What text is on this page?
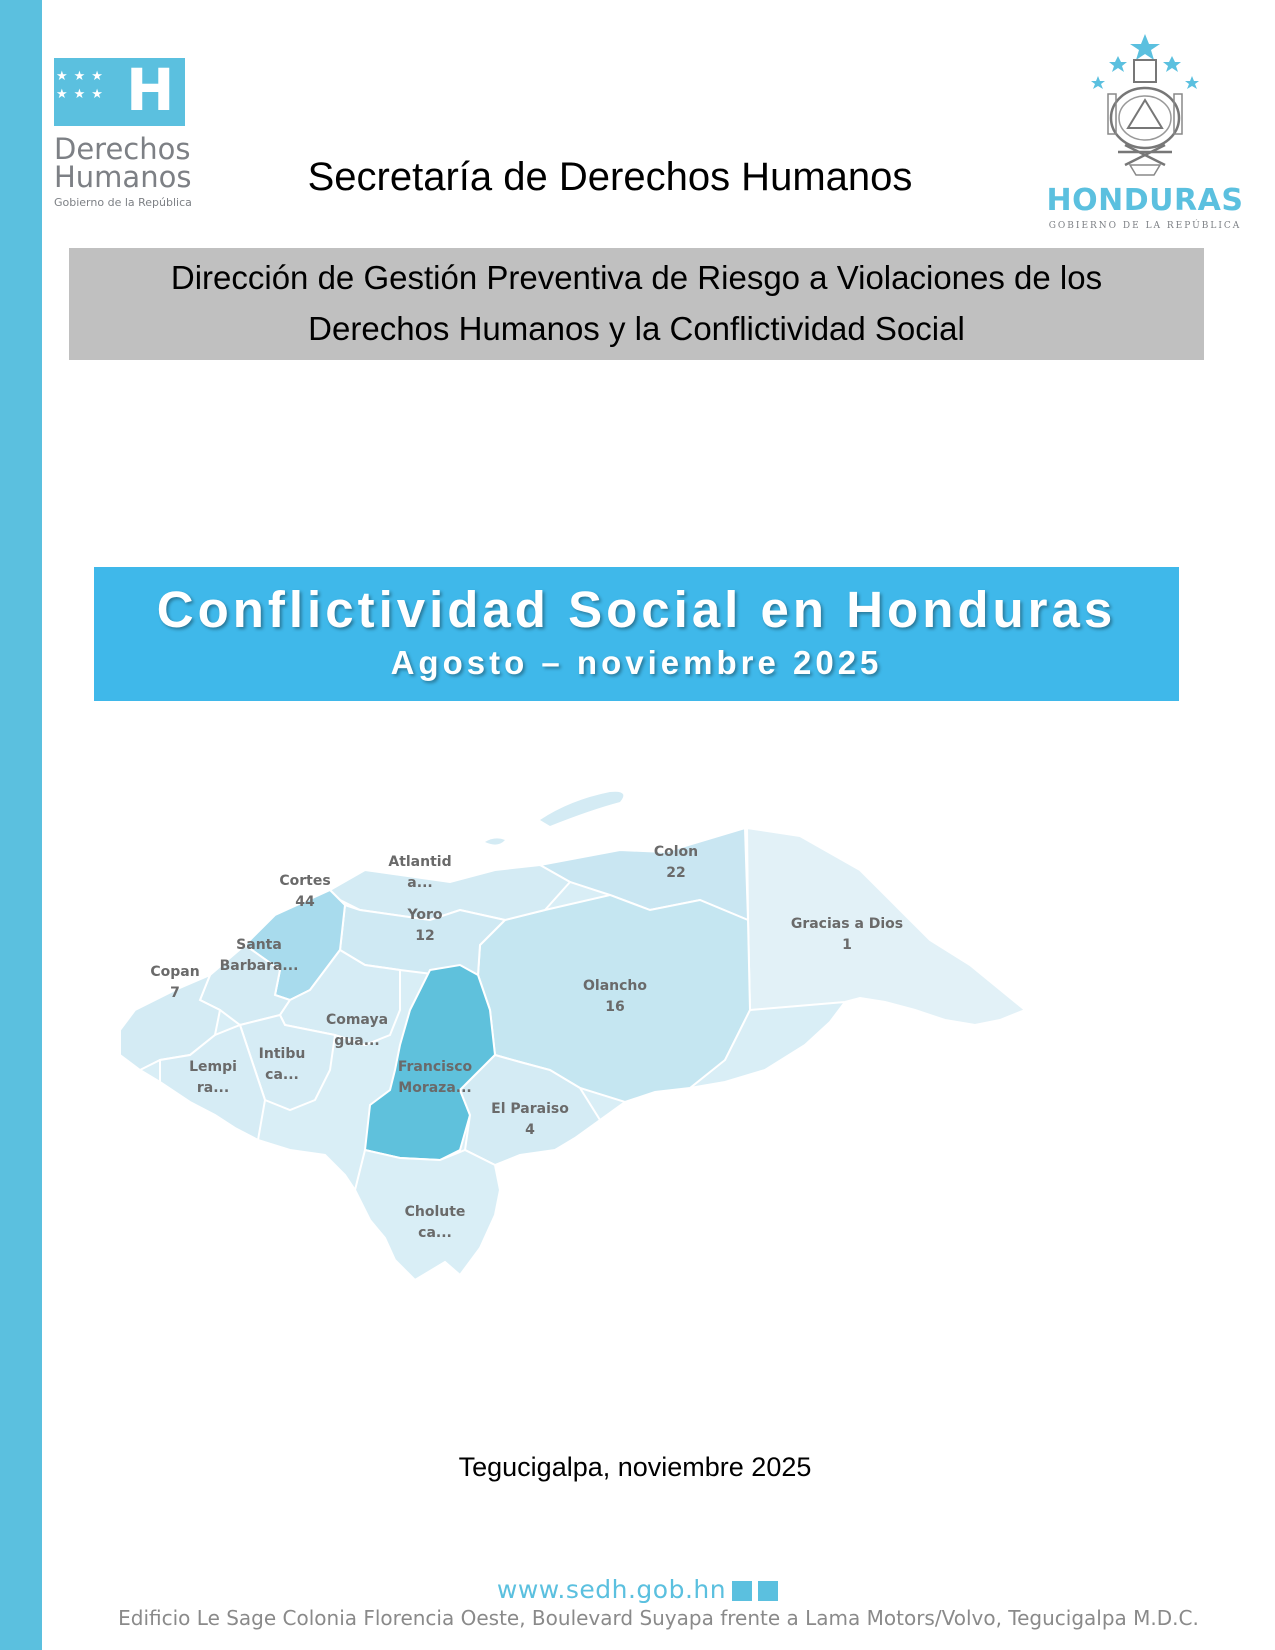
★★★
★★★ H
Derechos
Humanos
Gobierno de la República
Secretaría de Derechos Humanos
HONDURAS
GOBIERNO DE LA REPÚBLICA
Dirección de Gestión Preventiva de Riesgo a Violaciones de los
Derechos Humanos y la Conflictividad Social
Conflictividad Social en Honduras
Agosto – noviembre 2025
Cortes
44
Atlantid
a...
Colon
22
Gracias a Dios
1
Yoro
12
Santa
Barbara...
Copan
7	Olancho
16
Comaya
gua...
Intibu
ca...
Lempi
ra...
Francisco
Moraza...
El Paraiso
4
Cholute
ca...
Tegucigalpa, noviembre 2025
www.sedh.gob.hn
Edificio Le Sage Colonia Florencia Oeste, Boulevard Suyapa frente a Lama Motors/Volvo, Tegucigalpa M.D.C.
